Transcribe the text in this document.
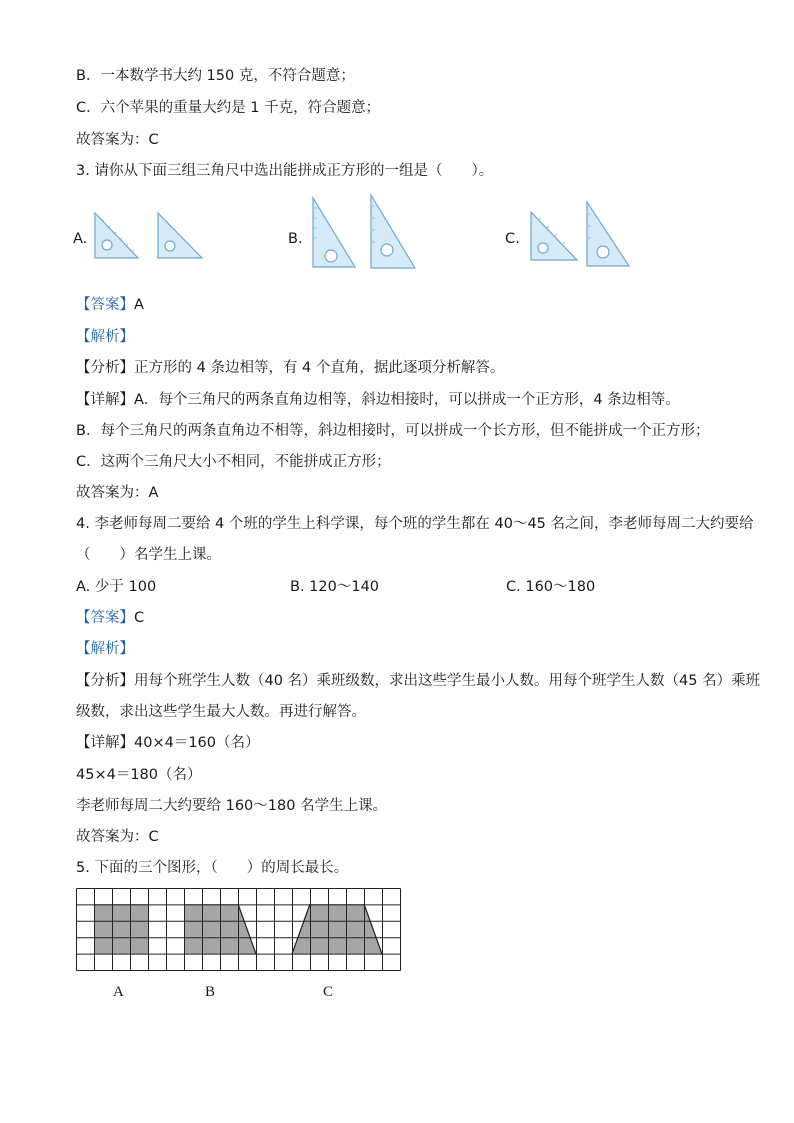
B．一本数学书大约 150 克，不符合题意；
C．六个苹果的重量大约是 1 千克，符合题意；
故答案为：C
3. 请你从下面三组三角尺中选出能拼成正方形的一组是（　　）。
A.	B.	C.
【答案】A
【解析】
【分析】正方形的 4 条边相等，有 4 个直角，据此逐项分析解答。
【详解】A．每个三角尺的两条直角边相等，斜边相接时，可以拼成一个正方形，4 条边相等。
B．每个三角尺的两条直角边不相等，斜边相接时，可以拼成一个长方形，但不能拼成一个正方形；
C．这两个三角尺大小不相同，不能拼成正方形；
故答案为：A
4. 李老师每周二要给 4 个班的学生上科学课，每个班的学生都在 40～45 名之间，李老师每周二大约要给
（　　）名学生上课。
A. 少于 100	B. 120～140	C. 160～180
【答案】C
【解析】
【分析】用每个班学生人数（40 名）乘班级数，求出这些学生最小人数。用每个班学生人数（45 名）乘班
级数，求出这些学生最大人数。再进行解答。
【详解】40×4＝160（名）
45×4＝180（名）
李老师每周二大约要给 160～180 名学生上课。
故答案为：C
5. 下面的三个图形，（　　）的周长最长。
A	B	C
